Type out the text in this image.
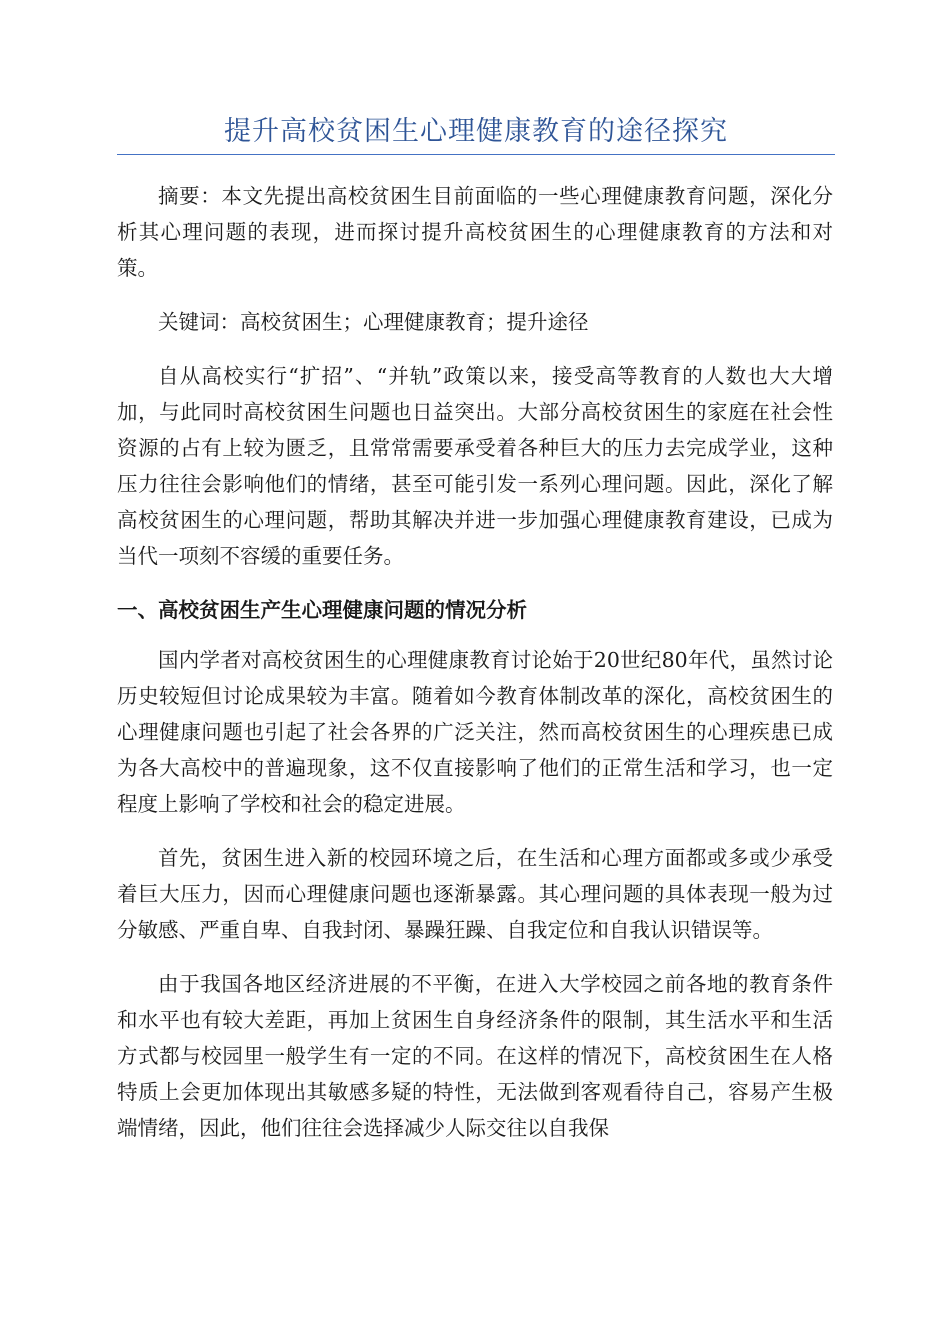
提升高校贫困生心理健康教育的途径探究

摘要：本文先提出高校贫困生目前面临的一些心理健康教育问题，深化分析其心理问题的表现，进而探讨提升高校贫困生的心理健康教育的方法和对策。

关键词：高校贫困生；心理健康教育；提升途径

自从高校实行“扩招”、“并轨”政策以来，接受高等教育的人数也大大增加，与此同时高校贫困生问题也日益突出。大部分高校贫困生的家庭在社会性资源的占有上较为匮乏，且常常需要承受着各种巨大的压力去完成学业，这种压力往往会影响他们的情绪，甚至可能引发一系列心理问题。因此，深化了解高校贫困生的心理问题，帮助其解决并进一步加强心理健康教育建设，已成为当代一项刻不容缓的重要任务。

一、高校贫困生产生心理健康问题的情况分析

国内学者对高校贫困生的心理健康教育讨论始于20世纪80年代，虽然讨论历史较短但讨论成果较为丰富。随着如今教育体制改革的深化，高校贫困生的心理健康问题也引起了社会各界的广泛关注，然而高校贫困生的心理疾患已成为各大高校中的普遍现象，这不仅直接影响了他们的正常生活和学习，也一定程度上影响了学校和社会的稳定进展。

首先，贫困生进入新的校园环境之后，在生活和心理方面都或多或少承受着巨大压力，因而心理健康问题也逐渐暴露。其心理问题的具体表现一般为过分敏感、严重自卑、自我封闭、暴躁狂躁、自我定位和自我认识错误等。

由于我国各地区经济进展的不平衡，在进入大学校园之前各地的教育条件和水平也有较大差距，再加上贫困生自身经济条件的限制，其生活水平和生活方式都与校园里一般学生有一定的不同。在这样的情况下，高校贫困生在人格特质上会更加体现出其敏感多疑的特性，无法做到客观看待自己，容易产生极端情绪，因此，他们往往会选择减少人际交往以自我保
